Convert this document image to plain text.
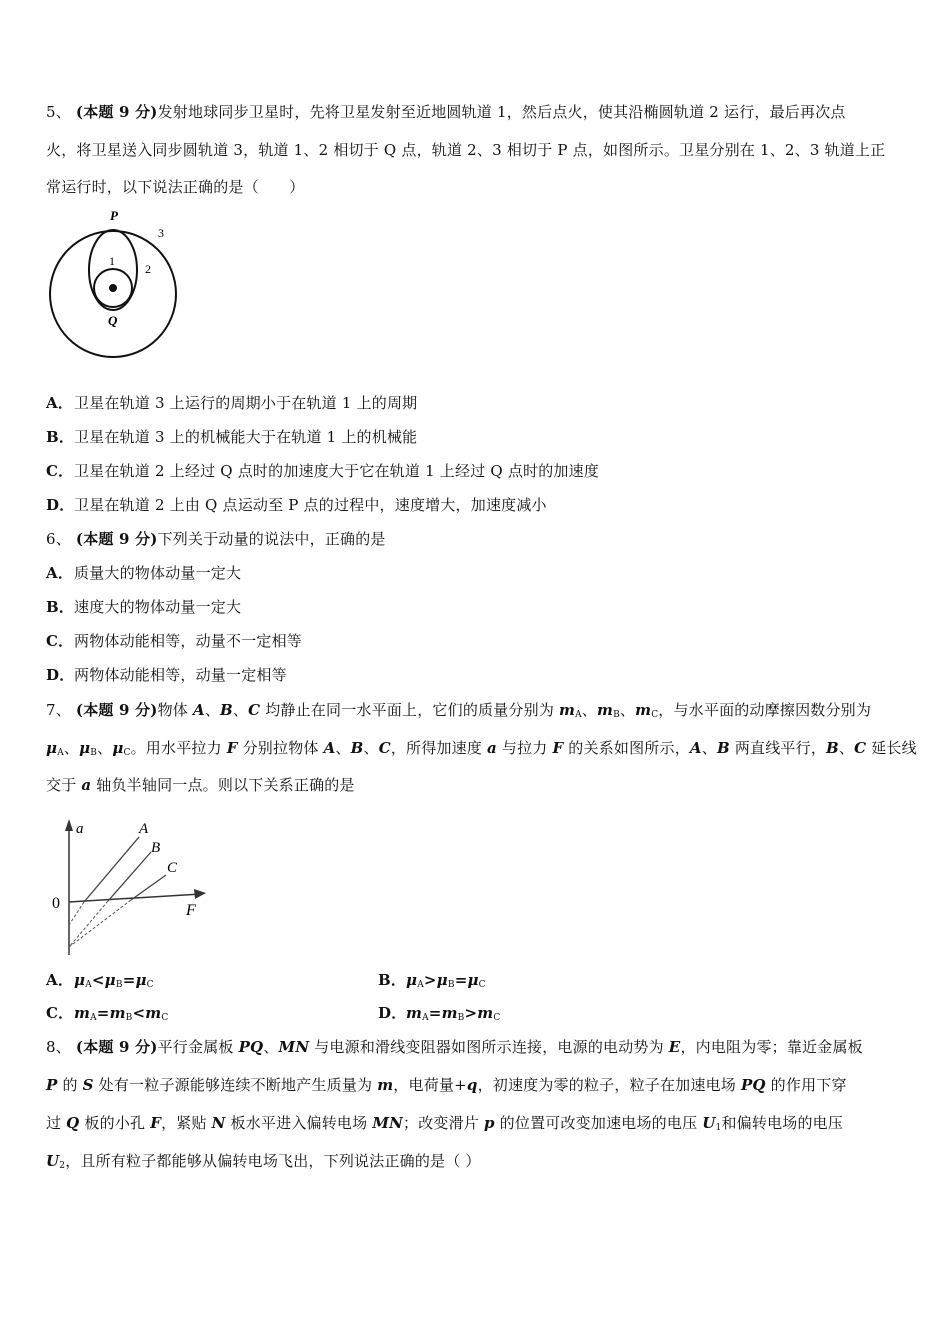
5、 (本题 9 分)发射地球同步卫星时，先将卫星发射至近地圆轨道 1，然后点火，使其沿椭圆轨道 2 运行，最后再次点
火，将卫星送入同步圆轨道 3，轨道 1、2 相切于 Q 点，轨道 2、3 相切于 P 点，如图所示。卫星分别在 1、2、3 轨道上正
常运行时，以下说法正确的是（　　）
P
Q
1
2
3
A．卫星在轨道 3 上运行的周期小于在轨道 1 上的周期
B．卫星在轨道 3 上的机械能大于在轨道 1 上的机械能
C．卫星在轨道 2 上经过 Q 点时的加速度大于它在轨道 1 上经过 Q 点时的加速度
D．卫星在轨道 2 上由 Q 点运动至 P 点的过程中，速度增大，加速度减小
6、 (本题 9 分)下列关于动量的说法中，正确的是
A．质量大的物体动量一定大
B．速度大的物体动量一定大
C．两物体动能相等，动量不一定相等
D．两物体动能相等，动量一定相等
7、 (本题 9 分)物体 A、B、C 均静止在同一水平面上，它们的质量分别为 $m_A$、$m_B$、$m_C$，与水平面的动摩擦因数分别为
$\mu_A$、$\mu_B$、$\mu_C$。用水平拉力 F 分别拉物体 A、B、C，所得加速度 a 与拉力 F 的关系如图所示，A、B 两直线平行，B、C 延长线
交于 a 轴负半轴同一点。则以下关系正确的是
a
F
0
A
B
C
A．$\mu_A<\mu_B=\mu_C$	B．$\mu_A>\mu_B=\mu_C$
C．$m_A=m_B<m_C$	D．$m_A=m_B>m_C$
8、 (本题 9 分)平行金属板 PQ、MN 与电源和滑线变阻器如图所示连接，电源的电动势为 E，内电阻为零；靠近金属板
P 的 S 处有一粒子源能够连续不断地产生质量为 m，电荷量+q，初速度为零的粒子，粒子在加速电场 PQ 的作用下穿
过 Q 板的小孔 F，紧贴 N 板水平进入偏转电场 MN；改变滑片 p 的位置可改变加速电场的电压 $U_1$和偏转电场的电压
$U_2$，且所有粒子都能够从偏转电场飞出，下列说法正确的是（ ）
